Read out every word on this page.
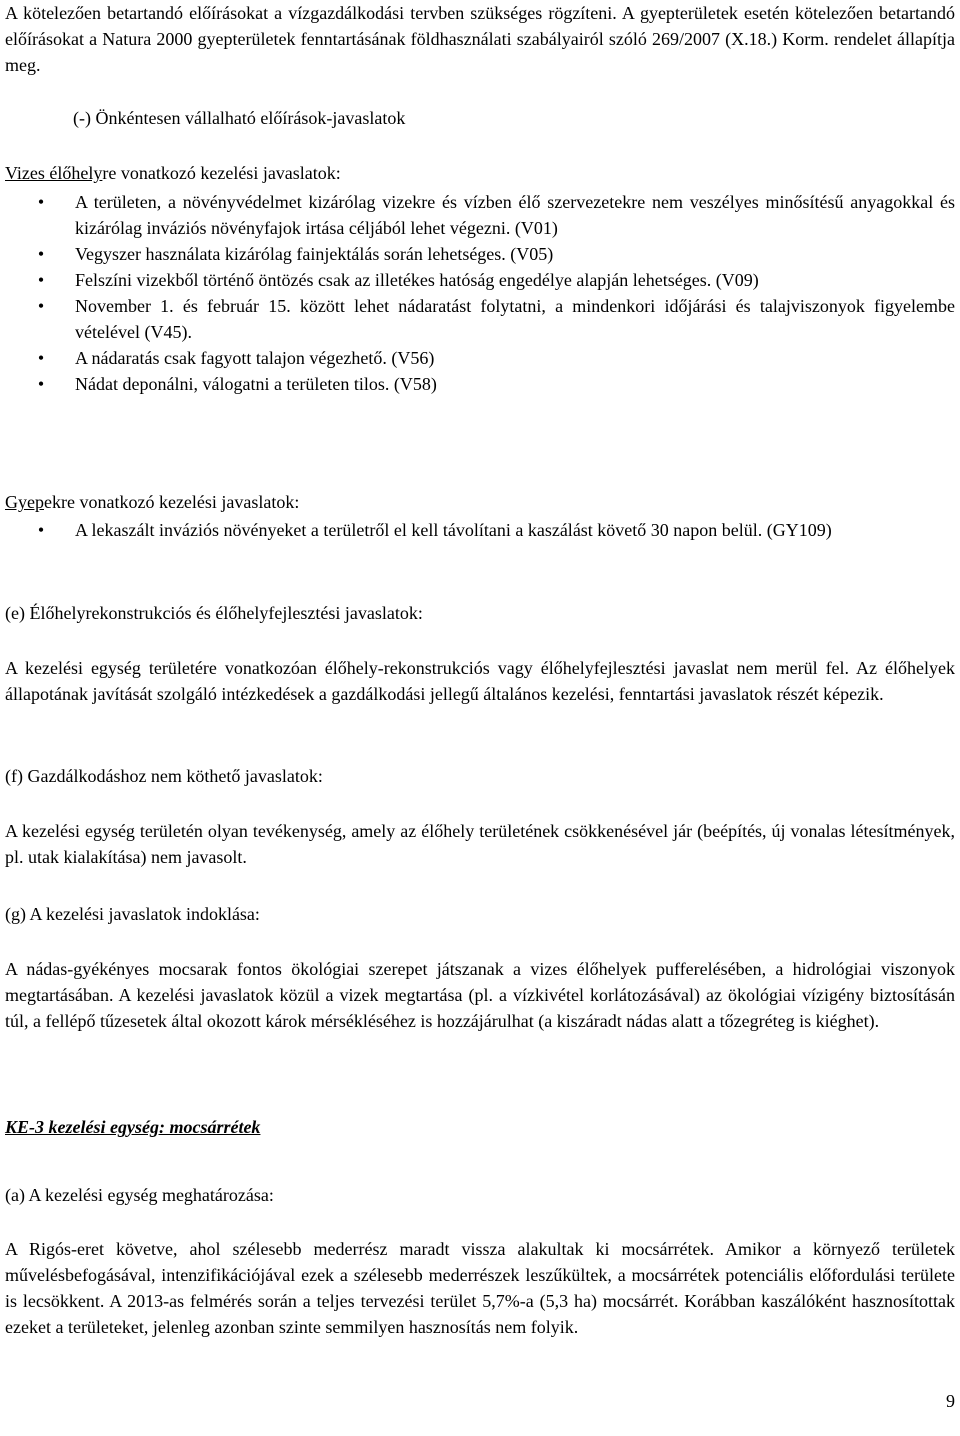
A kötelezően betartandó előírásokat a vízgazdálkodási tervben szükséges rögzíteni. A gyepterületek esetén kötelezően betartandó előírásokat a Natura 2000 gyepterületek fenntartásának földhasználati szabályairól szóló 269/2007 (X.18.) Korm. rendelet állapítja meg.

(-) Önkéntesen vállalható előírások-javaslatok

Vizes élőhelyre vonatkozó kezelési javaslatok:

• A területen, a növényvédelmet kizárólag vizekre és vízben élő szervezetekre nem veszélyes minősítésű anyagokkal és kizárólag inváziós növényfajok irtása céljából lehet végezni. (V01)
• Vegyszer használata kizárólag fainjektálás során lehetséges. (V05)
• Felszíni vizekből történő öntözés csak az illetékes hatóság engedélye alapján lehetséges. (V09)
• November 1. és február 15. között lehet nádaratást folytatni, a mindenkori időjárási és talajviszonyok figyelembe vételével (V45).
• A nádaratás csak fagyott talajon végezhető. (V56)
• Nádat deponálni, válogatni a területen tilos. (V58)

Gyepekre vonatkozó kezelési javaslatok:

• A lekaszált inváziós növényeket a területről el kell távolítani a kaszálást követő 30 napon belül. (GY109)

(e) Élőhelyrekonstrukciós és élőhelyfejlesztési javaslatok:

A kezelési egység területére vonatkozóan élőhely-rekonstrukciós vagy élőhelyfejlesztési javaslat nem merül fel. Az élőhelyek állapotának javítását szolgáló intézkedések a gazdálkodási jellegű általános kezelési, fenntartási javaslatok részét képezik.

(f) Gazdálkodáshoz nem köthető javaslatok:

A kezelési egység területén olyan tevékenység, amely az élőhely területének csökkenésével jár (beépítés, új vonalas létesítmények, pl. utak kialakítása) nem javasolt.

(g) A kezelési javaslatok indoklása:

A nádas-gyékényes mocsarak fontos ökológiai szerepet játszanak a vizes élőhelyek pufferelésében, a hidrológiai viszonyok megtartásában. A kezelési javaslatok közül a vizek megtartása (pl. a vízkivétel korlátozásával) az ökológiai vízigény biztosításán túl, a fellépő tűzesetek által okozott károk mérsékléséhez is hozzájárulhat (a kiszáradt nádas alatt a tőzegréteg is kiéghet).

KE-3 kezelési egység: mocsárrétek

(a) A kezelési egység meghatározása:

A Rigós-eret követve, ahol szélesebb mederrész maradt vissza alakultak ki mocsárrétek. Amikor a környező területek művelésbefogásával, intenzifikációjával ezek a szélesebb mederrészek leszűkültek, a mocsárrétek potenciális előfordulási területe is lecsökkent. A 2013-as felmérés során a teljes tervezési terület 5,7%-a (5,3 ha) mocsárrét. Korábban kaszálóként hasznosítottak ezeket a területeket, jelenleg azonban szinte semmilyen hasznosítás nem folyik.

9
